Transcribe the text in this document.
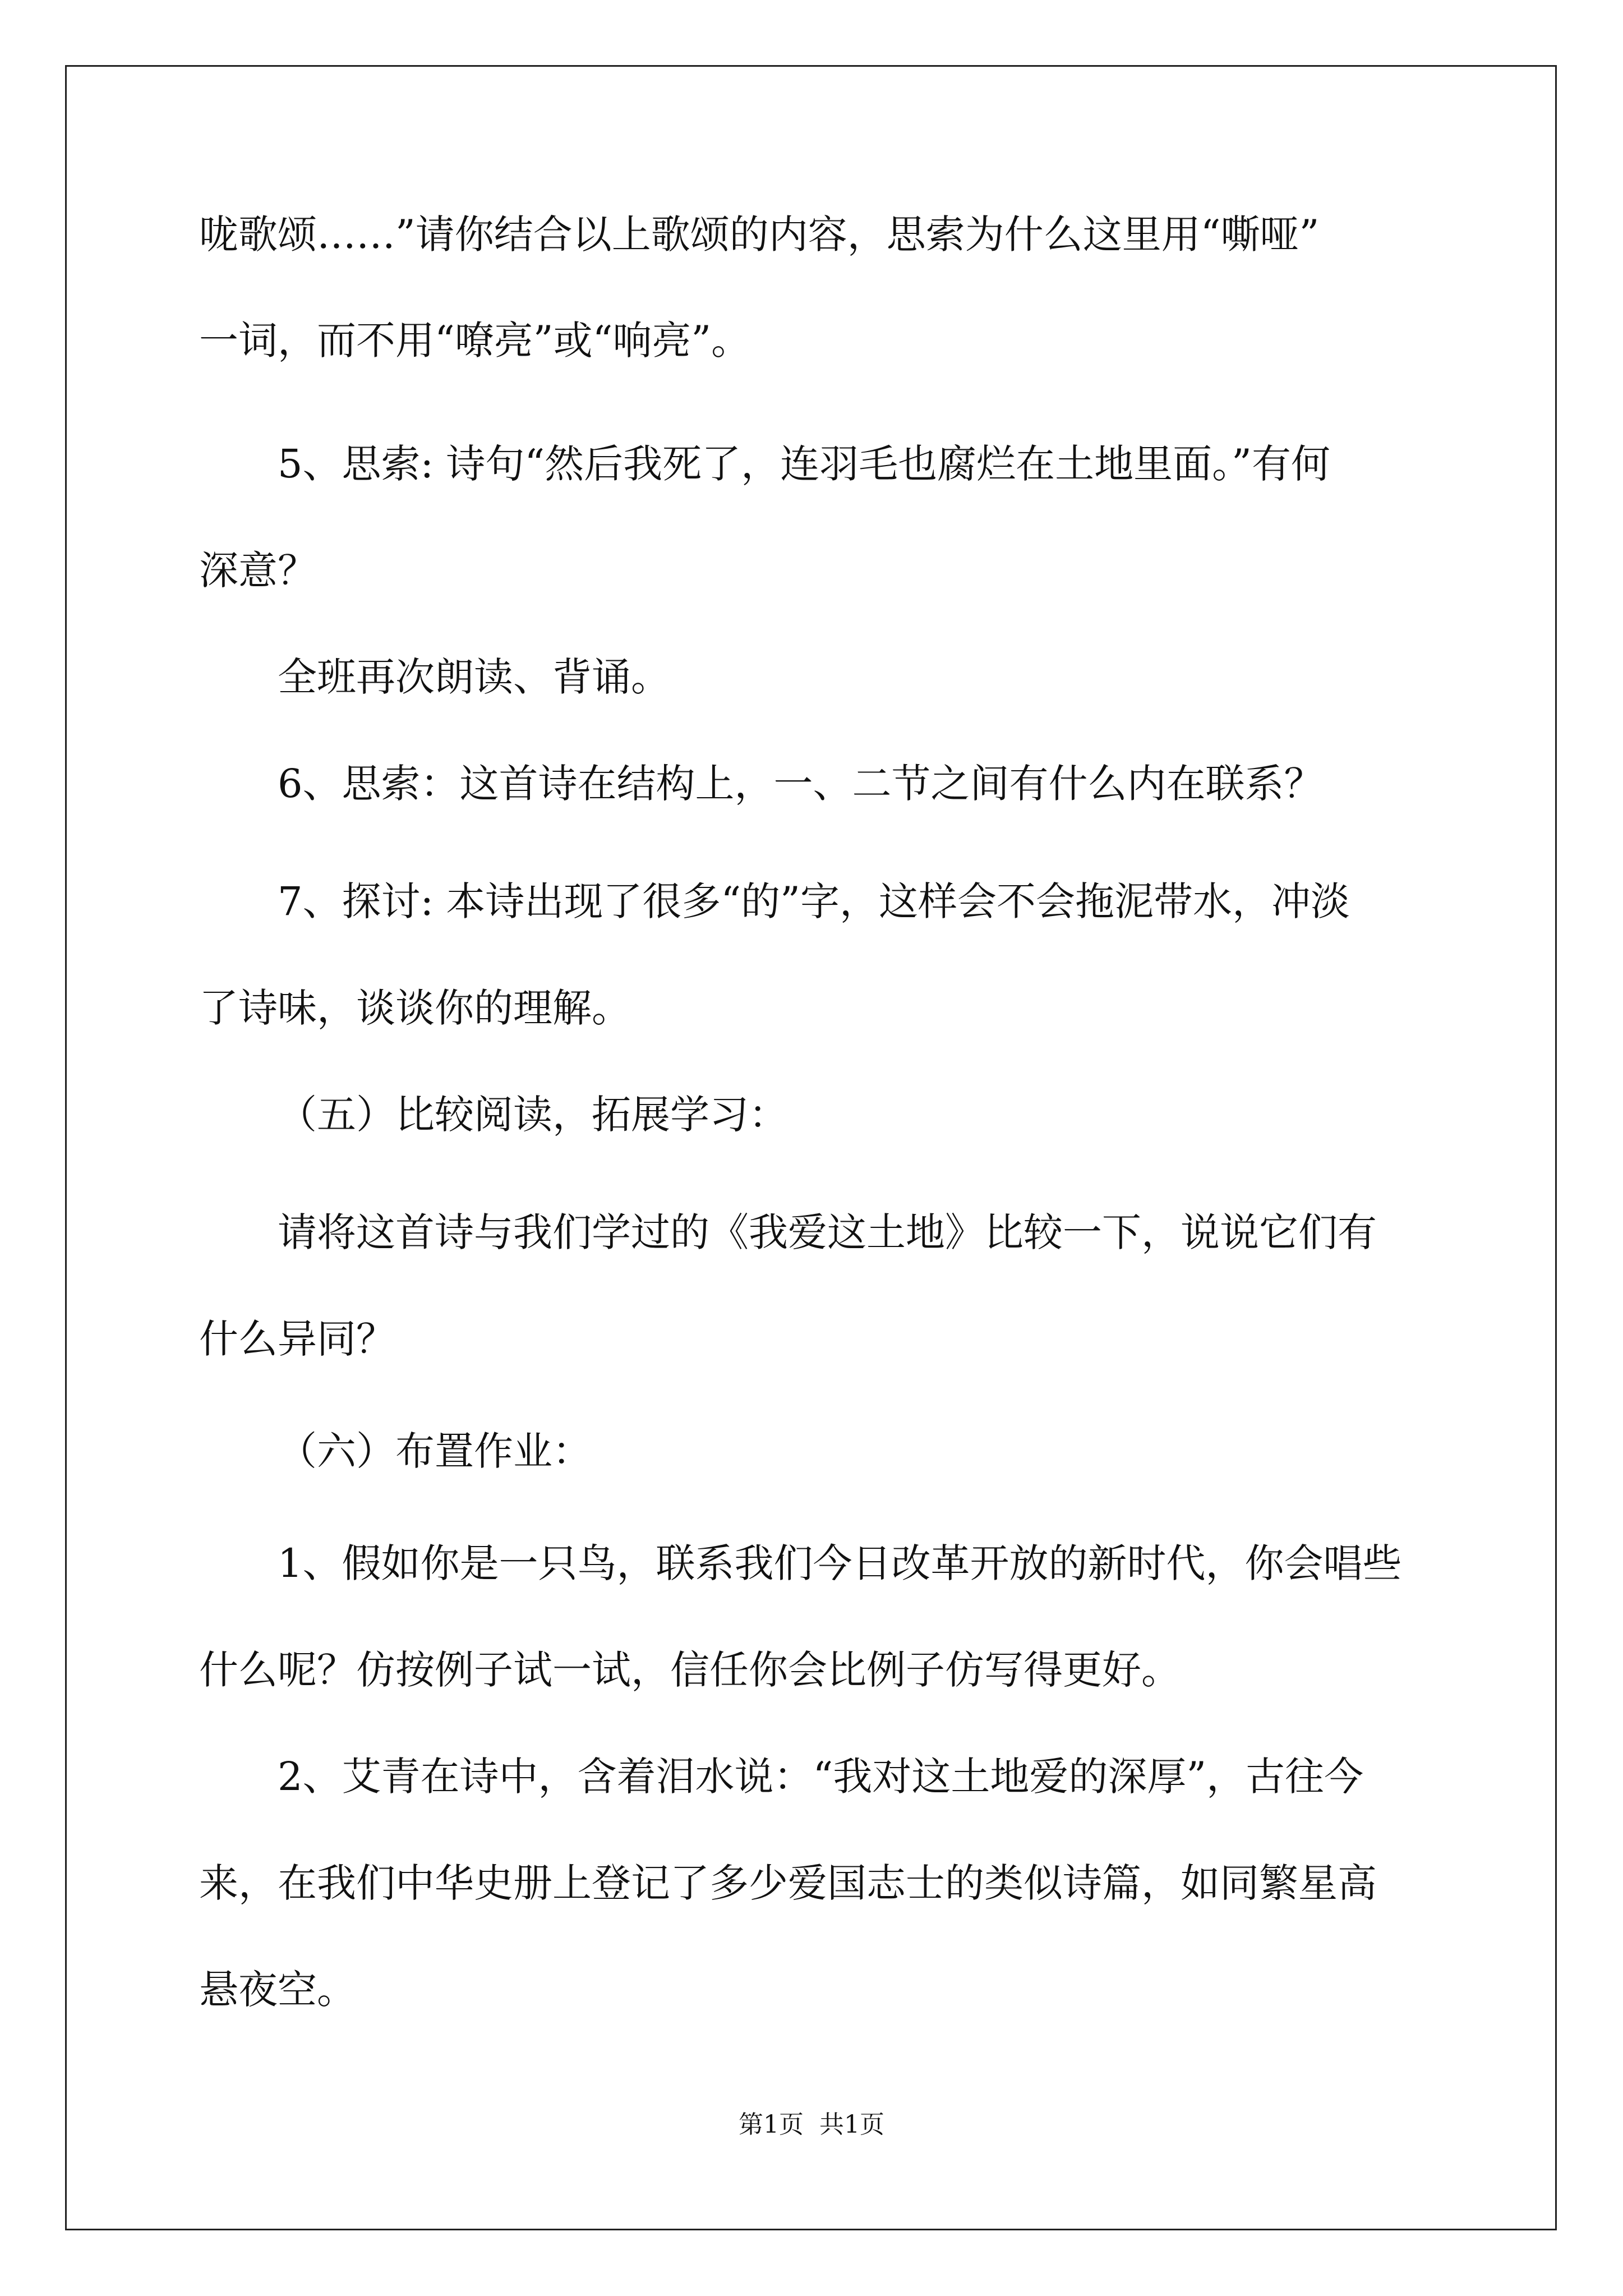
咙歌颂……”请你结合以上歌颂的内容，思索为什么这里用“嘶哑”
一词，而不用“嘹亮”或“响亮”。
5、思索: 诗句“然后我死了，连羽毛也腐烂在土地里面。”有何
深意？
全班再次朗读、背诵。
6、思索：这首诗在结构上，一、二节之间有什么内在联系？
7、探讨: 本诗出现了很多“的”字，这样会不会拖泥带水，冲淡
了诗味，谈谈你的理解。
（五）比较阅读，拓展学习：
请将这首诗与我们学过的《我爱这土地》比较一下，说说它们有
什么异同？
（六）布置作业：
1、假如你是一只鸟，联系我们今日改革开放的新时代，你会唱些
什么呢？仿按例子试一试，信任你会比例子仿写得更好。
2、艾青在诗中，含着泪水说：“我对这土地爱的深厚”，古往今
来，在我们中华史册上登记了多少爱国志士的类似诗篇，如同繁星高
悬夜空。
第1页 共1页
